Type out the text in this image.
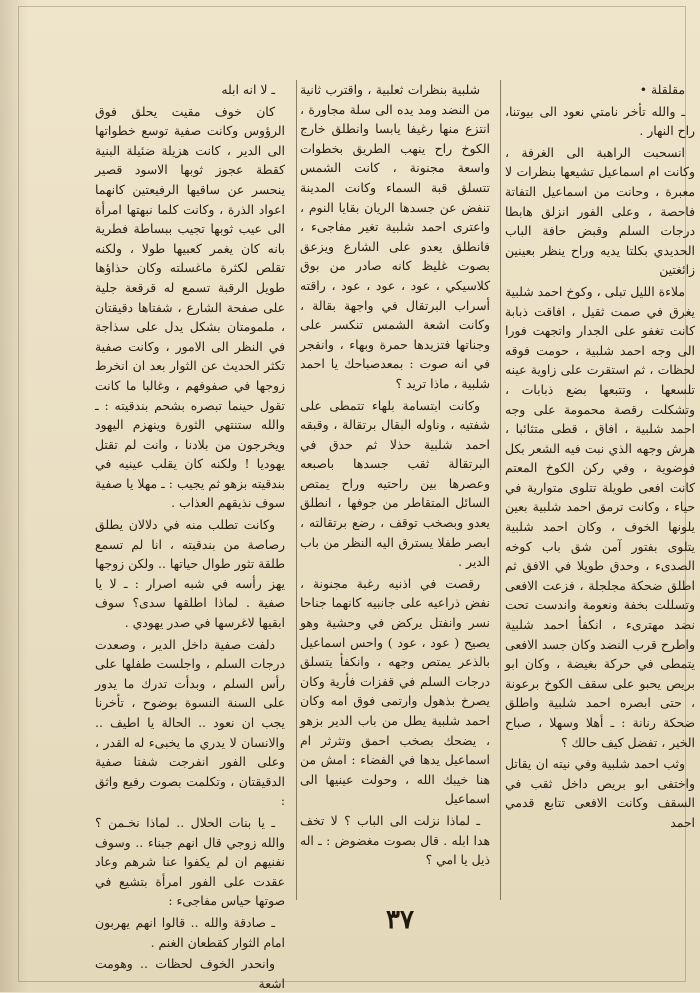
مقلقلة •

ـ والله تأخر نامتي نعود الى بيوتنا، راح النهار .

انسحبت الراهبة الى الغرفة ، وكانت ام اسماعيل تشيعها بنظرات لا معبرة ، وحانت من اسماعيل التفاتة فاحصة ، وعلى الفور انزلق هابطا درجات السلم وقبض حافة الباب الحديدي بكلتا يديه وراح ينظر بعينين زائغتين

ملاءة الليل تبلى ، وكوخ احمد شلبية يغرق في صمت ثقيل ، افاقت ذبابة كانت تغفو على الجدار واتجهت فورا الى وجه احمد شلبية ، حومت فوقه لحظات ، ثم استقرت على زاوية عينه تلسعها ، وتتبعها بضع ذبابات ، وتشكلت رقصة محمومة على وجه احمد شلبية ، افاق ، قطى متثائبا ، هرش وجهه الذي نبت فيه الشعر بكل فوضوية ، وفي ركن الكوخ المعتم كانت افعى طويلة تتلوى متوارية في حياء ، وكانت ترمق احمد شلبية بعين يلونها الخوف ، وكان احمد شلبية يتلوى بفتور آمن شق باب كوخه الصدىء ، وحدق طويلا في الافق ثم اطلق ضحكة مجلجلة ، فزعت الافعى وتسللت بخفة ونعومة واندست تحت نضد مهترىء ، انكفأ احمد شلبية واطرح قرب النضد وكان جسد الافعى يتمطى في حركة بغيضة ، وكان ابو بريص يحبو على سقف الكوخ برعونة ، حتى ابصره احمد شلبية واطلق ضحكة رنانة : ـ أهلا وسهلا ، صباح الخير ، تفضل كيف حالك ؟

وثب احمد شلبية وفي نيته ان يقاتل واختفى ابو بريص داخل ثقب في السقف وكانت الافعى تتابع قدمي احمد

شلبية بنظرات ثعلبية ، واقترب ثانية من النضد ومد يده الى سلة مجاورة ، انتزع منها رغيفا يابسا وانطلق خارج الكوخ راح ينهب الطريق بخطوات واسعة مجنونة ، كانت الشمس تتسلق قبة السماء وكانت المدينة تنفض عن جسدها الريان بقايا النوم ، واعترى احمد شلبية تغير مفاجىء ، فانطلق يعدو على الشارع ويزعق بصوت غليظ كانه صادر من بوق كلاسيكي ، عود ، عود ، عود ، راقته أسراب البرتقال في واجهة بقالة ، وكانت اشعة الشمس تنكسر على وجناتها فتزيدها حمرة وبهاء ، وانفجر في انه صوت : بمعدصباحك يا احمد شلبية ، ماذا تريد ؟

وكانت ابتسامة بلهاء تتمطى على شفتيه ، وناوله البقال برتقالة ، وقبقه احمد شلبية حذلا ثم حدق في البرتقالة ثقب جسدها باصبعه وعصرها بين راحتيه وراح يمتص السائل المتقاطر من جوفها ، انطلق يعدو وبصخب توقف ، رضع برتقالته ، ابصر طفلا يسترق اليه النظر من باب الدير .

رقصت في اذنيه رغبة مجنونة ، نفض ذراعيه على جانبيه كانهما جناحا نسر وانفتل يركض في وحشية وهو يصيح ( عود ، عود ) واحس اسماعيل بالذعر يمتص وجهه ، وانكفأ يتسلق درجات السلم في قفزات فأرية وكان يصرخ بذهول وارتمى فوق امه وكان احمد شلبية يطل من باب الدير بزهو ، يضحك بصخب احمق وتثرثر ام اسماعيل يدها في الفضاء : امش من هنا خيبك الله ، وحولت عينيها الى اسماعيل

ـ لماذا نزلت الى الباب ؟ لا تخف هدا ابله . قال بصوت مغضوض : ـ اله ذيل يا امي ؟

ـ لا انه ابله

كان خوف مقيت يحلق فوق الرؤوس وكانت صفية توسع خطواتها الى الدير ، كانت هزيلة ضئيلة البنية كقطة عجوز ثوبها الاسود قصير ينحسر عن ساقيها الرفيعتين كانهما اعواد الذرة ، وكانت كلما نبهتها امرأة الى عيب ثوبها تجيب ببساطة فطرية بانه كان يغمر كعبيها طولا ، ولكنه تقلص لكثرة ماغسلته وكان حذاؤها طويل الرقبة تسمع له قرقعة جلية على صفحة الشارع ، شفتاها دقيقتان ، ملمومتان بشكل يدل على سذاجة في النظر الى الامور ، وكانت صفية تكثر الحديث عن الثوار بعد ان انخرط زوجها في صفوفهم ، وغالبا ما كانت تقول حينما تبصره بشحم بندقيته : ـ والله ستنتهي الثورة وينهزم اليهود ويخرجون من بلادنا ، وانت لم تقتل يهوديا ! ولكنه كان يقلب عينيه في بندقيته بزهو ثم يجيب : ـ مهلا يا صفية سوف نذيقهم العذاب .

وكانت تطلب منه في دلالان يطلق رصاصة من بندقيته ، انا لم تسمع طلقة تثور طوال حياتها .. ولكن زوجها يهز رأسه في شبه اصرار : ـ لا يا صفية . لماذا اطلقها سدى؟ سوف ابقيها لاغرسها في صدر يهودي .

دلفت صفية داخل الدير ، وصعدت درجات السلم ، واجلست طفلها على رأس السلم ، وبدأت تدرك ما يدور على السنة النسوة بوضوح ، تأخرنا يجب ان نعود .. الحالة يا اطيف .. والانسان لا يدري ما يخبىء له القدر ، وعلى الفور انفرجت شفتا صفية الدقيقتان ، وتكلمت بصوت رفيع واثق :

ـ يا بنات الحلال .. لماذا نخـمن ؟ والله زوجي قال انهم جبناء .. وسوف نفنيهم ان لم يكفوا عنا شرهم وعاد عقدت على الفور امرأة بتشيع في صوتها حياس مفاجىء :

ـ صادقة والله .. قالوا انهم يهربون امام الثوار كقطعان الغنم .

وانحدر الخوف لحظات .. وهومت اشعة

٣٧
